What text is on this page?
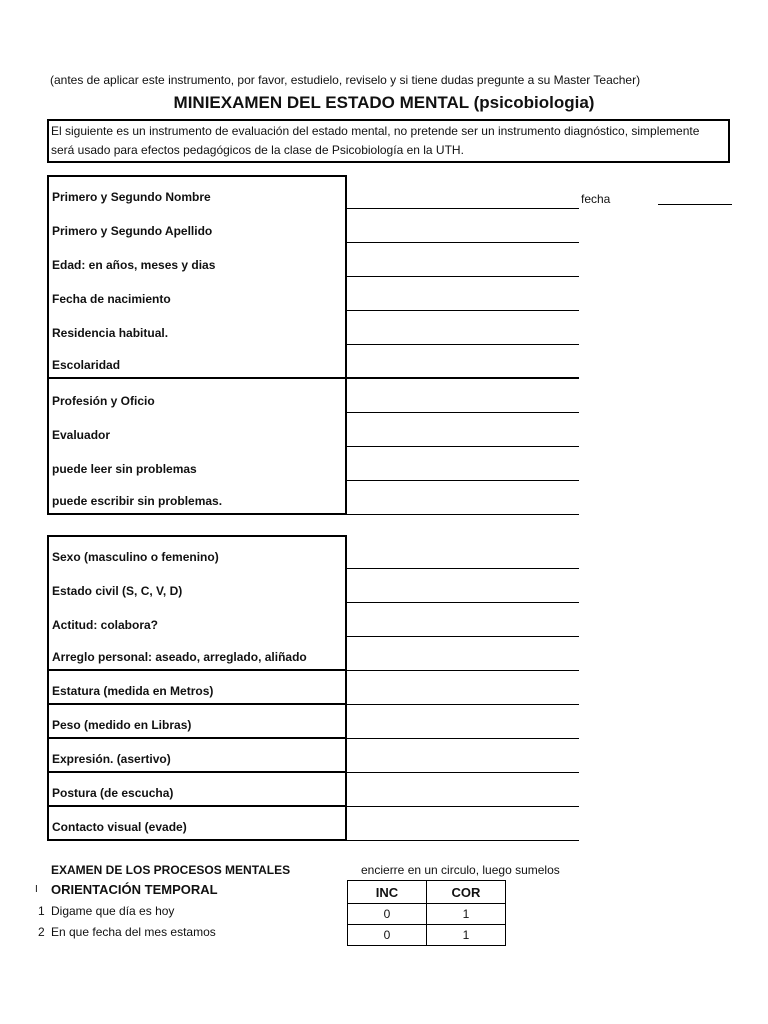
(antes de aplicar este instrumento, por favor, estudielo, reviselo y si tiene dudas pregunte a su Master Teacher)
MINIEXAMEN DEL ESTADO MENTAL (psicobiologia)
El siguiente es un instrumento de evaluación del estado mental, no pretende ser un instrumento diagnóstico, simplemente será usado para efectos pedagógicos de la clase de Psicobiología en la UTH.
Primero y Segundo Nombre
Primero y Segundo Apellido
Edad: en años, meses y dias
Fecha de nacimiento
Residencia habitual.
Escolaridad
Profesión y Oficio
Evaluador
puede leer sin problemas
puede escribir sin problemas.
fecha
Sexo (masculino o femenino)
Estado civil (S, C, V, D)
Actitud: colabora?
Arreglo personal: aseado, arreglado, aliñado
Estatura (medida en Metros)
Peso (medido en Libras)
Expresión. (asertivo)
Postura (de escucha)
Contacto visual (evade)
EXAMEN DE LOS PROCESOS MENTALES	encierre en un circulo, luego sumelos
I ORIENTACIÓN TEMPORAL
1 Digame que día es hoy
2 En que fecha del mes estamos
INC	COR
0	1
0	1
